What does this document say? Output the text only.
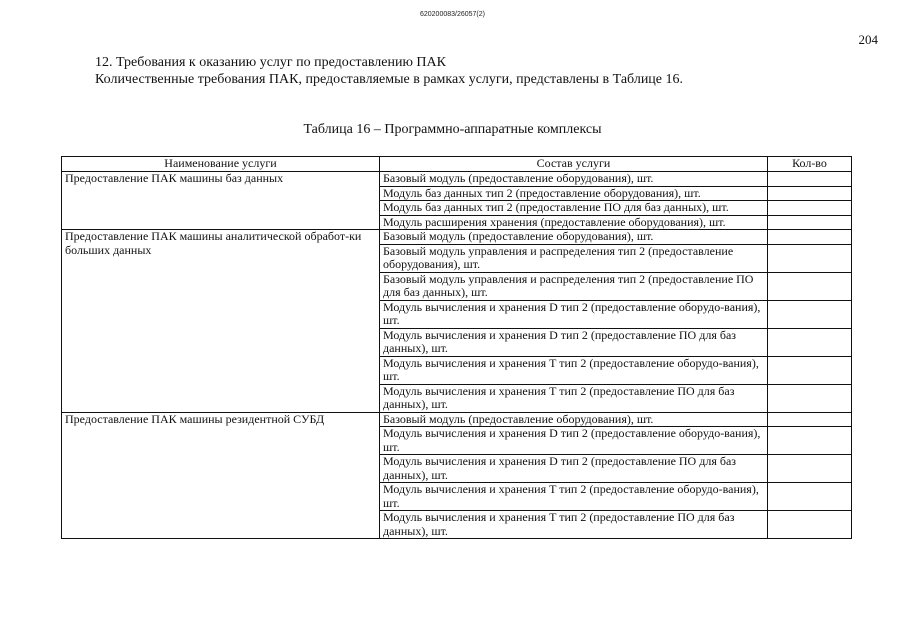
620200083/26057(2)
204
12. Требования к оказанию услуг по предоставлению ПАК
Количественные требования ПАК, предоставляемые в рамках услуги, представлены в Таблице 16.
Таблица 16 – Программно-аппаратные комплексы
Наименование услуги	Состав услуги	Кол-во
Предоставление ПАК машины баз данных	Базовый модуль (предоставление оборудования), шт.	
	Модуль баз данных тип 2 (предоставление оборудования), шт.	
	Модуль баз данных тип 2 (предоставление ПО для баз данных), шт.	
	Модуль расширения хранения (предоставление оборудования), шт.	
Предоставление ПАК машины аналитической обработ-ки больших данных	Базовый модуль (предоставление оборудования), шт.	
	Базовый модуль управления и распределения тип 2 (предоставление оборудования), шт.	
	Базовый модуль управления и распределения тип 2 (предоставление ПО для баз данных), шт.	
	Модуль вычисления и хранения D тип 2 (предоставление оборудо-вания), шт.	
	Модуль вычисления и хранения D тип 2 (предоставление ПО для баз данных), шт.	
	Модуль вычисления и хранения T тип 2 (предоставление оборудо-вания), шт.	
	Модуль вычисления и хранения T тип 2 (предоставление ПО для баз данных), шт.	
Предоставление ПАК машины резидентной СУБД	Базовый модуль (предоставление оборудования), шт.	
	Модуль вычисления и хранения D тип 2 (предоставление оборудо-вания), шт.	
	Модуль вычисления и хранения D тип 2 (предоставление ПО для баз данных), шт.	
	Модуль вычисления и хранения T тип 2 (предоставление оборудо-вания), шт.	
	Модуль вычисления и хранения T тип 2 (предоставление ПО для баз данных), шт.	
